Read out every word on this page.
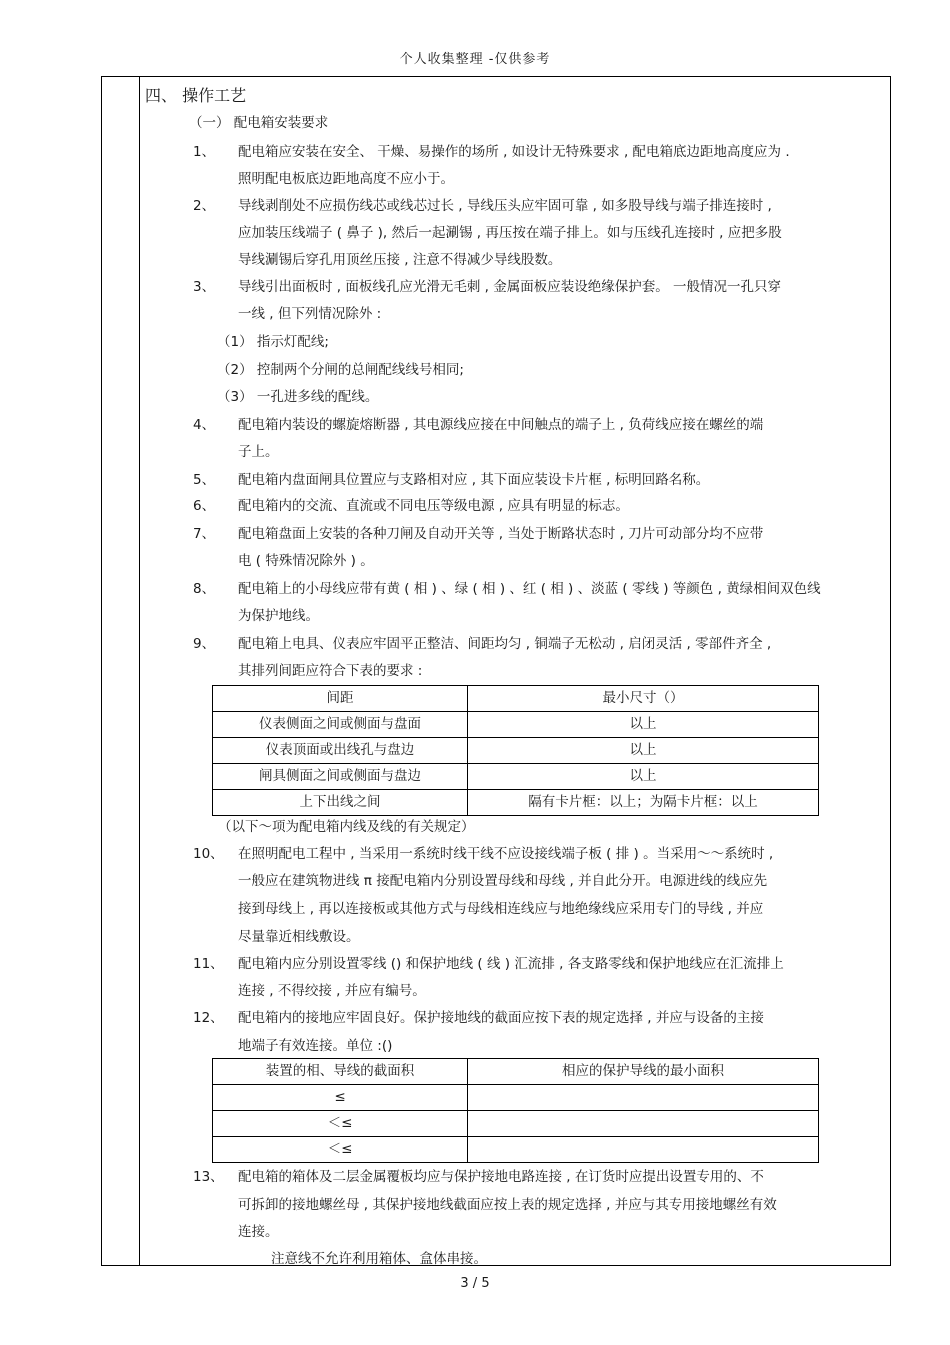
个人收集整理 -仅供参考
四、 操作工艺
（一） 配电箱安装要求
1、 配电箱应安装在安全、 干燥、易操作的场所 , 如设计无特殊要求 , 配电箱底边距地高度应为 .
照明配电板底边距地高度不应小于。
2、 导线剥削处不应损伤线芯或线芯过长 , 导线压头应牢固可靠 , 如多股导线与端子排连接时 ,
应加装压线端子 ( 鼻子 ), 然后一起涮锡 , 再压按在端子排上。如与压线孔连接时 , 应把多股
导线涮锡后穿孔用顶丝压接 , 注意不得减少导线股数。
3、 导线引出面板时 , 面板线孔应光滑无毛刺 , 金属面板应装设绝缘保护套。 一般情况一孔只穿
一线 , 但下列情况除外 :
（1） 指示灯配线;
（2） 控制两个分闸的总闸配线线号相同;
（3） 一孔进多线的配线。
4、 配电箱内装设的螺旋熔断器 , 其电源线应接在中间触点的端子上 , 负荷线应接在螺丝的端
子上。
5、 配电箱内盘面闸具位置应与支路相对应 , 其下面应装设卡片框 , 标明回路名称。
6、 配电箱内的交流、直流或不同电压等级电源 , 应具有明显的标志。
7、 配电箱盘面上安装的各种刀闸及自动开关等 , 当处于断路状态时 , 刀片可动部分均不应带
电 ( 特殊情况除外 ) 。
8、 配电箱上的小母线应带有黄 ( 相 ) 、绿 ( 相 ) 、红 ( 相 ) 、淡蓝 ( 零线 ) 等颜色 , 黄绿相间双色线
为保护地线。
9、 配电箱上电具、仪表应牢固平正整洁、间距均匀 , 铜端子无松动 , 启闭灵活 , 零部件齐全 ,
其排列间距应符合下表的要求 :
间距	最小尺寸（）
仪表侧面之间或侧面与盘面	以上
仪表顶面或出线孔与盘边	以上
闸具侧面之间或侧面与盘边	以上
上下出线之间	隔有卡片框：以上；为隔卡片框：以上
（以下～项为配电箱内线及线的有关规定）
10、 在照明配电工程中 , 当采用一系统时线干线不应设接线端子板 ( 排 ) 。当采用～～系统时 ,
一般应在建筑物进线 π 接配电箱内分别设置母线和母线 , 并自此分开。电源进线的线应先
接到母线上 , 再以连接板或其他方式与母线相连线应与地绝缘线应采用专门的导线 , 并应
尽量靠近相线敷设。
11、 配电箱内应分别设置零线 () 和保护地线 ( 线 ) 汇流排 , 各支路零线和保护地线应在汇流排上
连接 , 不得绞接 , 并应有编号。
12、 配电箱内的接地应牢固良好。保护接地线的截面应按下表的规定选择 , 并应与设备的主接
地端子有效连接。单位 :()
装置的相、导线的截面积	相应的保护导线的最小面积
≤	
＜≤	
＜≤	
13、 配电箱的箱体及二层金属覆板均应与保护接地电路连接 , 在订货时应提出设置专用的、不
可拆卸的接地螺丝母 , 其保护接地线截面应按上表的规定选择 , 并应与其专用接地螺丝有效
连接。
注意线不允许利用箱体、盒体串接。
3 / 5
